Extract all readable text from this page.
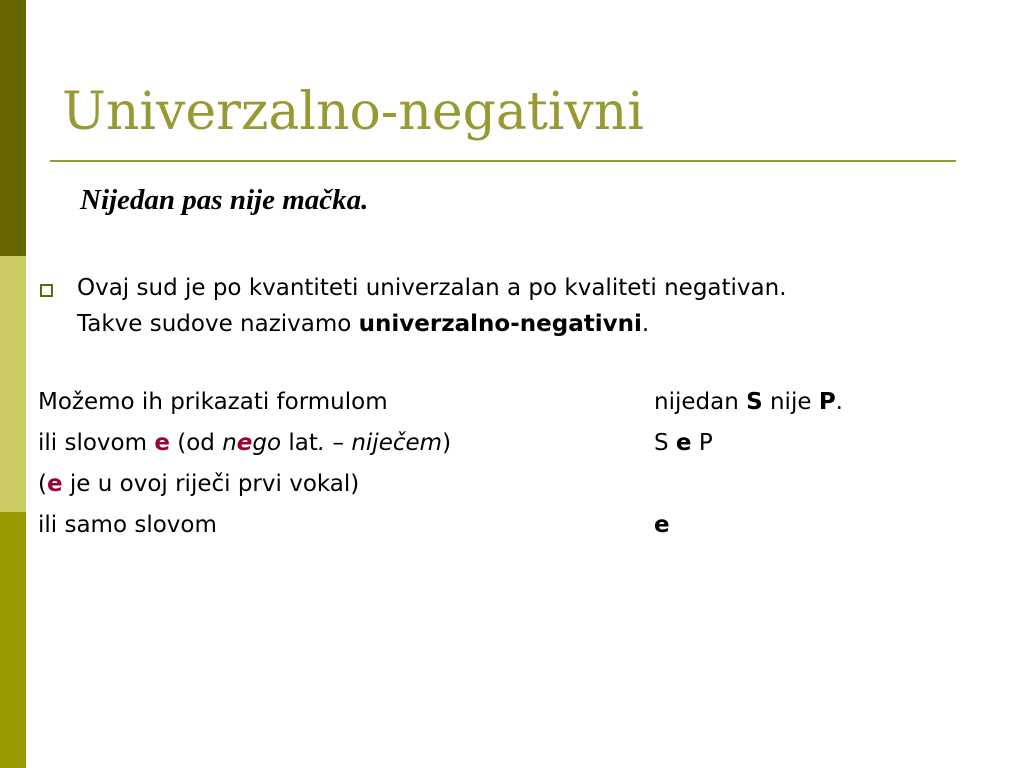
Univerzalno-negativni
Nijedan pas nije mačka.
Ovaj sud je po kvantiteti univerzalan a po kvaliteti negativan.
Takve sudove nazivamo univerzalno-negativni.
Možemo ih prikazati formulom	nijedan S nije P.
ili slovom e (od nego lat. – niječem)	S e P
(e je u ovoj riječi prvi vokal)
ili samo slovom	e
